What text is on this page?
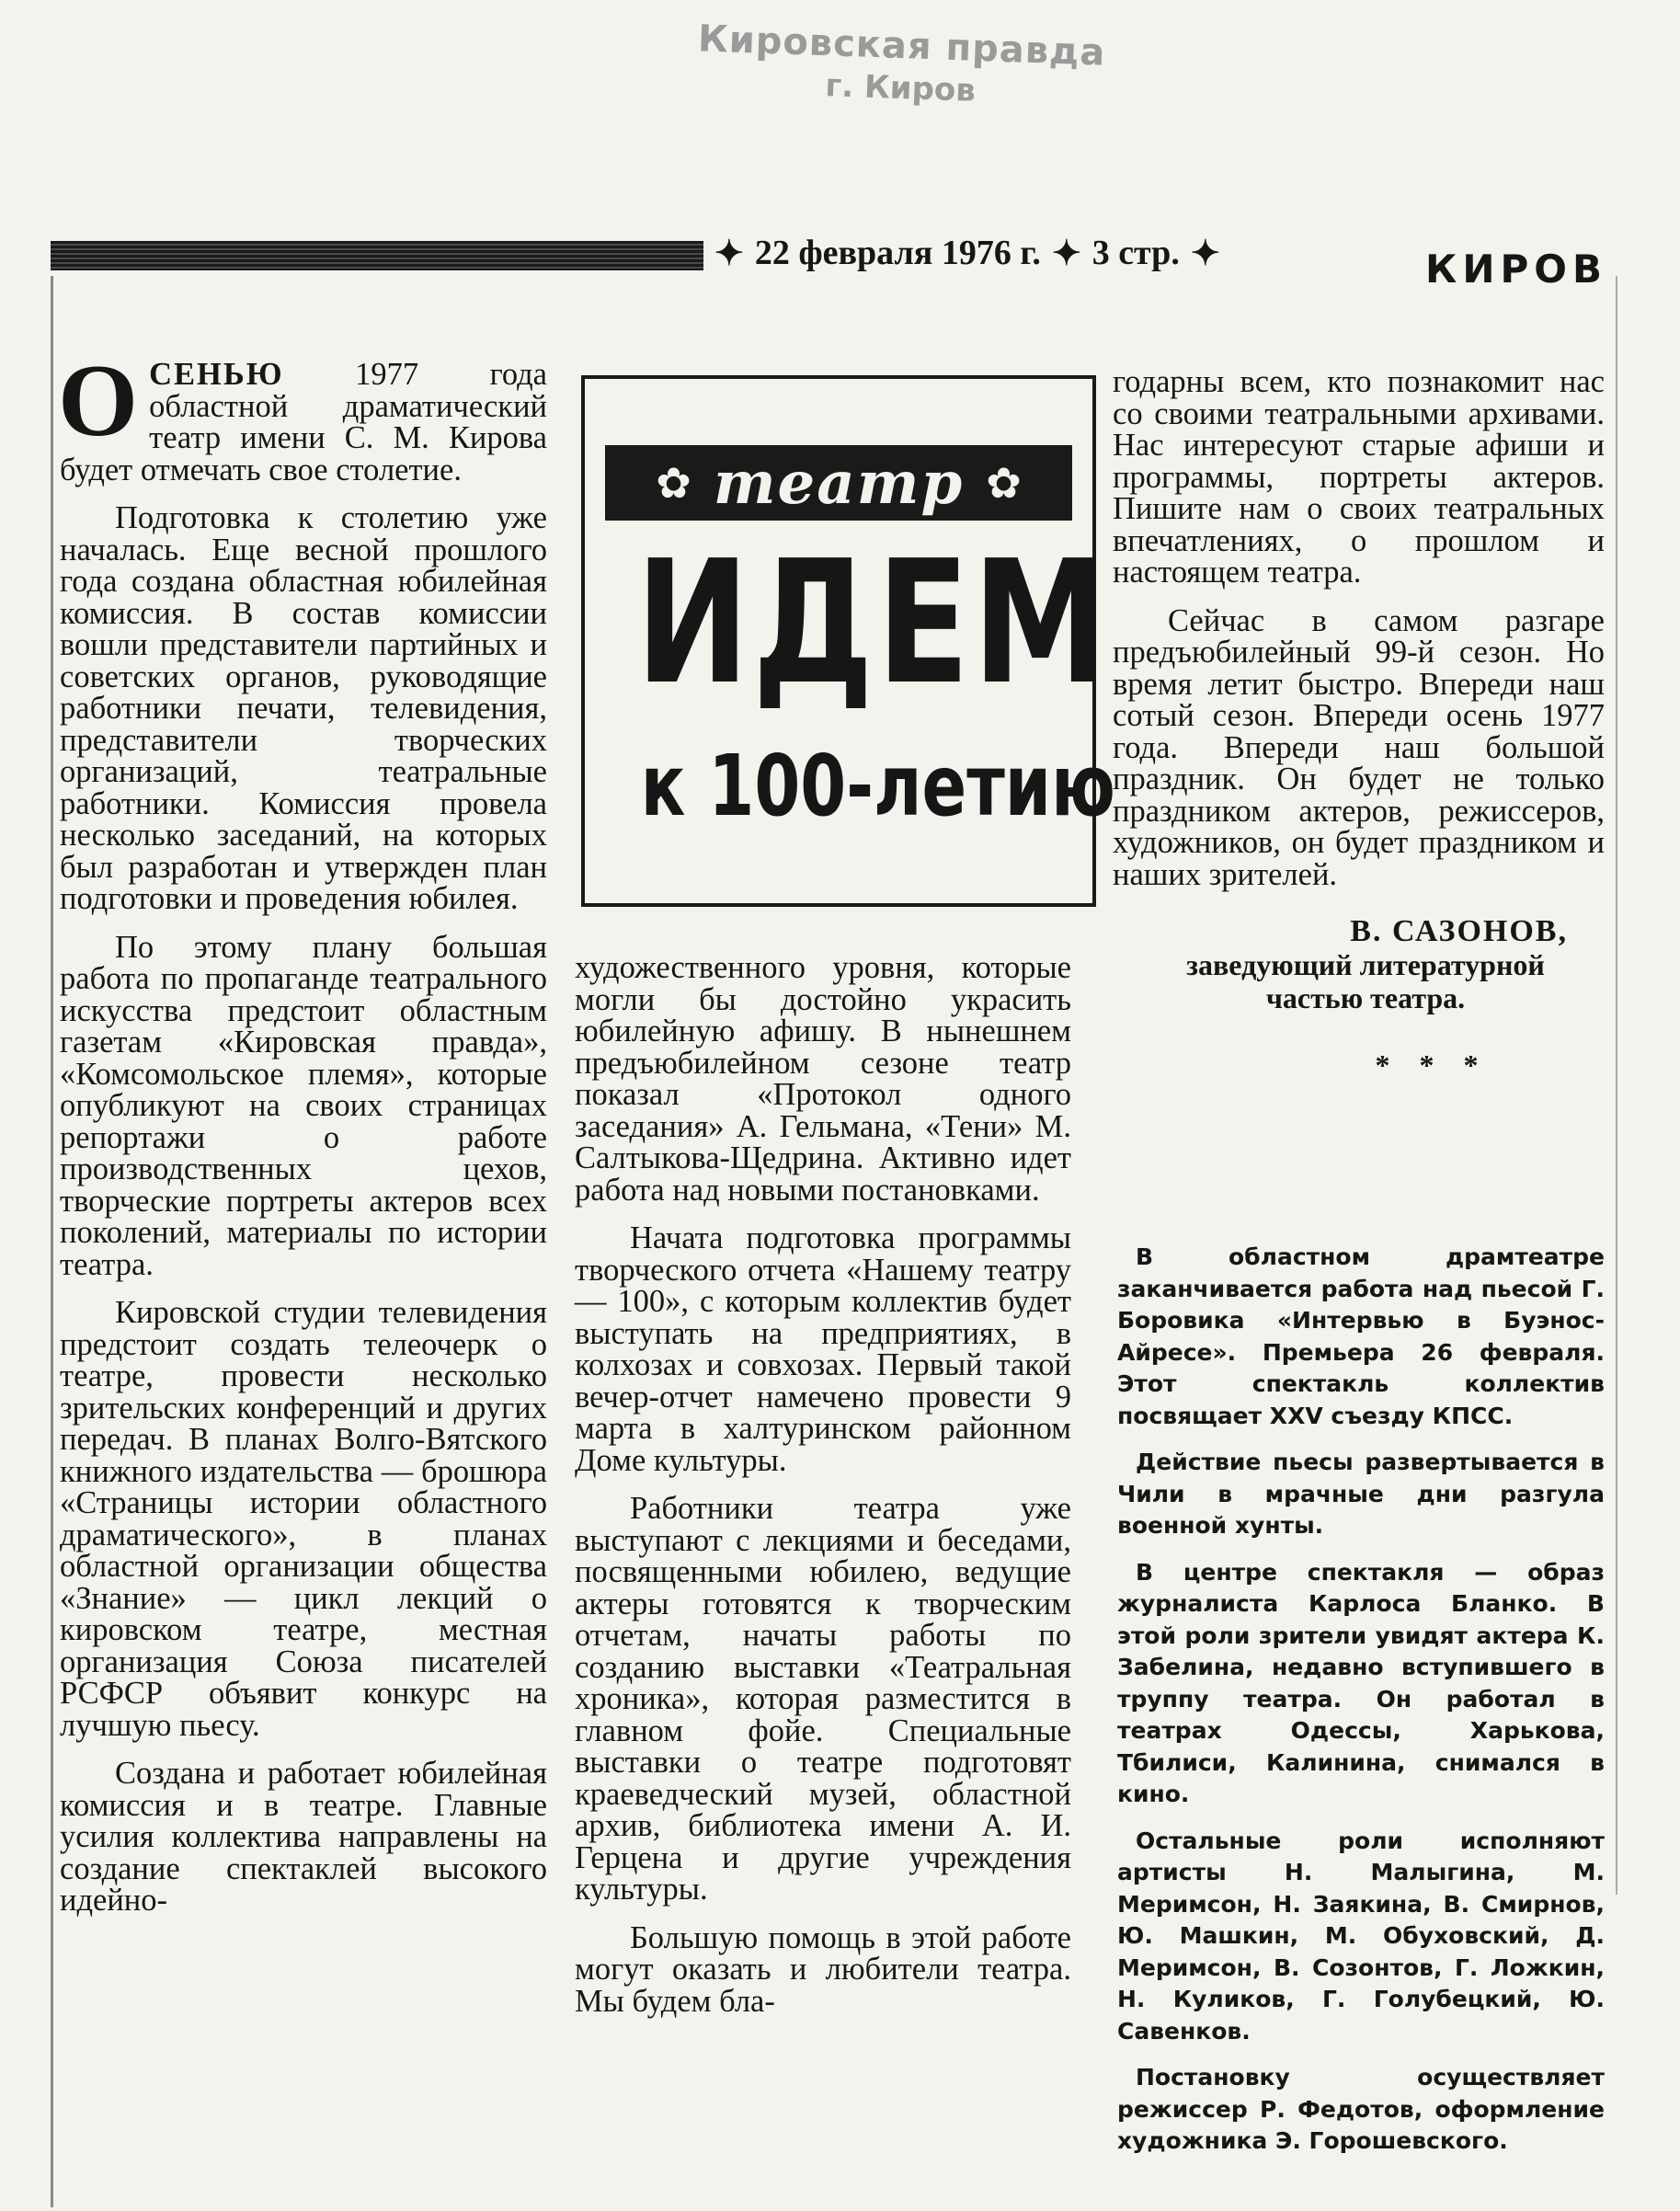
Кировская правда
г. Киров
✦ 22 февраля 1976 г. ✦ 3 стр. ✦	КИРОВ

ОСЕНЬЮ 1977 года областной драматический театр имени С. М. Кирова будет отмечать свое столетие.

Подготовка к столетию уже началась. Еще весной прошлого года создана областная юбилейная комиссия. В состав комиссии вошли представители партийных и советских органов, руководящие работники печати, телевидения, представители творческих организаций, театральные работники. Комиссия провела несколько заседаний, на которых был разработан и утвержден план подготовки и проведения юбилея.

По этому плану большая работа по пропаганде театрального искусства предстоит областным газетам «Кировская правда», «Комсомольское племя», которые опубликуют на своих страницах репортажи о работе производственных цехов, творческие портреты актеров всех поколений, материалы по истории театра.

Кировской студии телевидения предстоит создать телеочерк о театре, провести несколько зрительских конференций и других передач. В планах Волго-Вятского книжного издательства — брошюра «Страницы истории областного драматического», в планах областной организации общества «Знание» — цикл лекций о кировском театре, местная организация Союза писателей РСФСР объявит конкурс на лучшую пьесу.

Создана и работает юбилейная комиссия и в театре. Главные усилия коллектива направлены на создание спектаклей высокого идейно-

✿ театр ✿
ИДЕМ
к 100-летию

художественного уровня, которые могли бы достойно украсить юбилейную афишу. В нынешнем предъюбилейном сезоне театр показал «Протокол одного заседания» А. Гельмана, «Тени» М. Салтыкова-Щедрина. Активно идет работа над новыми постановками.

Начата подготовка программы творческого отчета «Нашему театру — 100», с которым коллектив будет выступать на предприятиях, в колхозах и совхозах. Первый такой вечер-отчет намечено провести 9 марта в халтуринском районном Доме культуры.

Работники театра уже выступают с лекциями и беседами, посвященными юбилею, ведущие актеры готовятся к творческим отчетам, начаты работы по созданию выставки «Театральная хроника», которая разместится в главном фойе. Специальные выставки о театре подготовят краеведческий музей, областной архив, библиотека имени А. И. Герцена и другие учреждения культуры.

Большую помощь в этой работе могут оказать и любители театра. Мы будем бла-

годарны всем, кто познакомит нас со своими театральными архивами. Нас интересуют старые афиши и программы, портреты актеров. Пишите нам о своих театральных впечатлениях, о прошлом и настоящем театра.

Сейчас в самом разгаре предъюбилейный 99-й сезон. Но время летит быстро. Впереди наш сотый сезон. Впереди осень 1977 года. Впереди наш большой праздник. Он будет не только праздником актеров, режиссеров, художников, он будет праздником и наших зрителей.

В. САЗОНОВ,
заведующий литературной частью театра.
* * *

В областном драмтеатре заканчивается работа над пьесой Г. Боровика «Интервью в Буэнос-Айресе». Премьера 26 февраля. Этот спектакль коллектив посвящает XXV съезду КПСС.

Действие пьесы развертывается в Чили в мрачные дни разгула военной хунты.

В центре спектакля — образ журналиста Карлоса Бланко. В этой роли зрители увидят актера К. Забелина, недавно вступившего в труппу театра. Он работал в театрах Одессы, Харькова, Тбилиси, Калинина, снимался в кино.

Остальные роли исполняют артисты Н. Малыгина, М. Меримсон, Н. Заякина, В. Смирнов, Ю. Машкин, М. Обуховский, Д. Меримсон, В. Созонтов, Г. Ложкин, Н. Куликов, Г. Голубецкий, Ю. Савенков.

Постановку осуществляет режиссер Р. Федотов, оформление художника Э. Горошевского.
